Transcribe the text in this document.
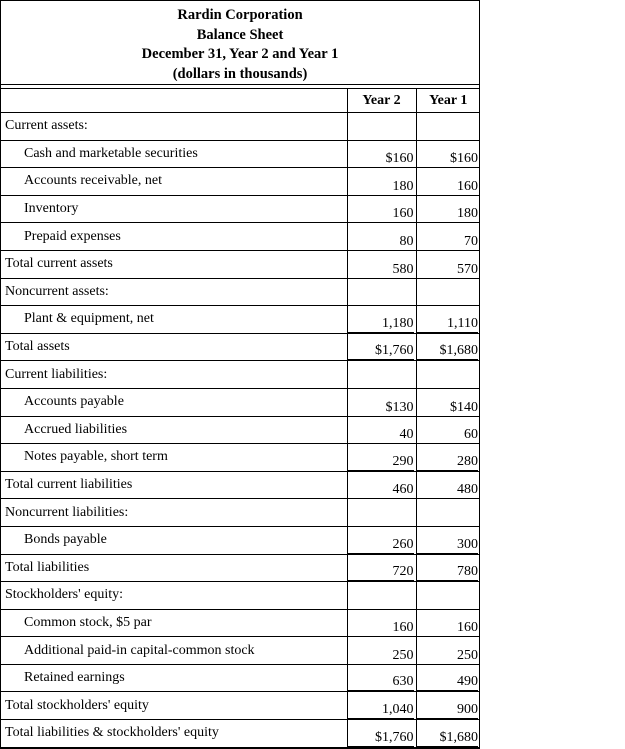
Rardin Corporation
Balance Sheet
December 31, Year 2 and Year 1
(dollars in thousands)
	Year 2	Year 1
Current assets:	

Cash and marketable securities	$160	$160

Accounts receivable, net	180	160

Inventory	160	180

Prepaid expenses	80	70

Total current assets	580	570

Noncurrent assets:	

Plant & equipment, net	1,180	1,110

Total assets	$1,760	$1,680

Current liabilities:	

Accounts payable	$130	$140

Accrued liabilities	40	60

Notes payable, short term	290	280

Total current liabilities	460	480

Noncurrent liabilities:	

Bonds payable	260	300

Total liabilities	720	780

Stockholders' equity:	

Common stock, $5 par	160	160

Additional paid-in capital-common stock	250	250

Retained earnings	630	490

Total stockholders' equity	1,040	900

Total liabilities & stockholders' equity	$1,760	$1,680
